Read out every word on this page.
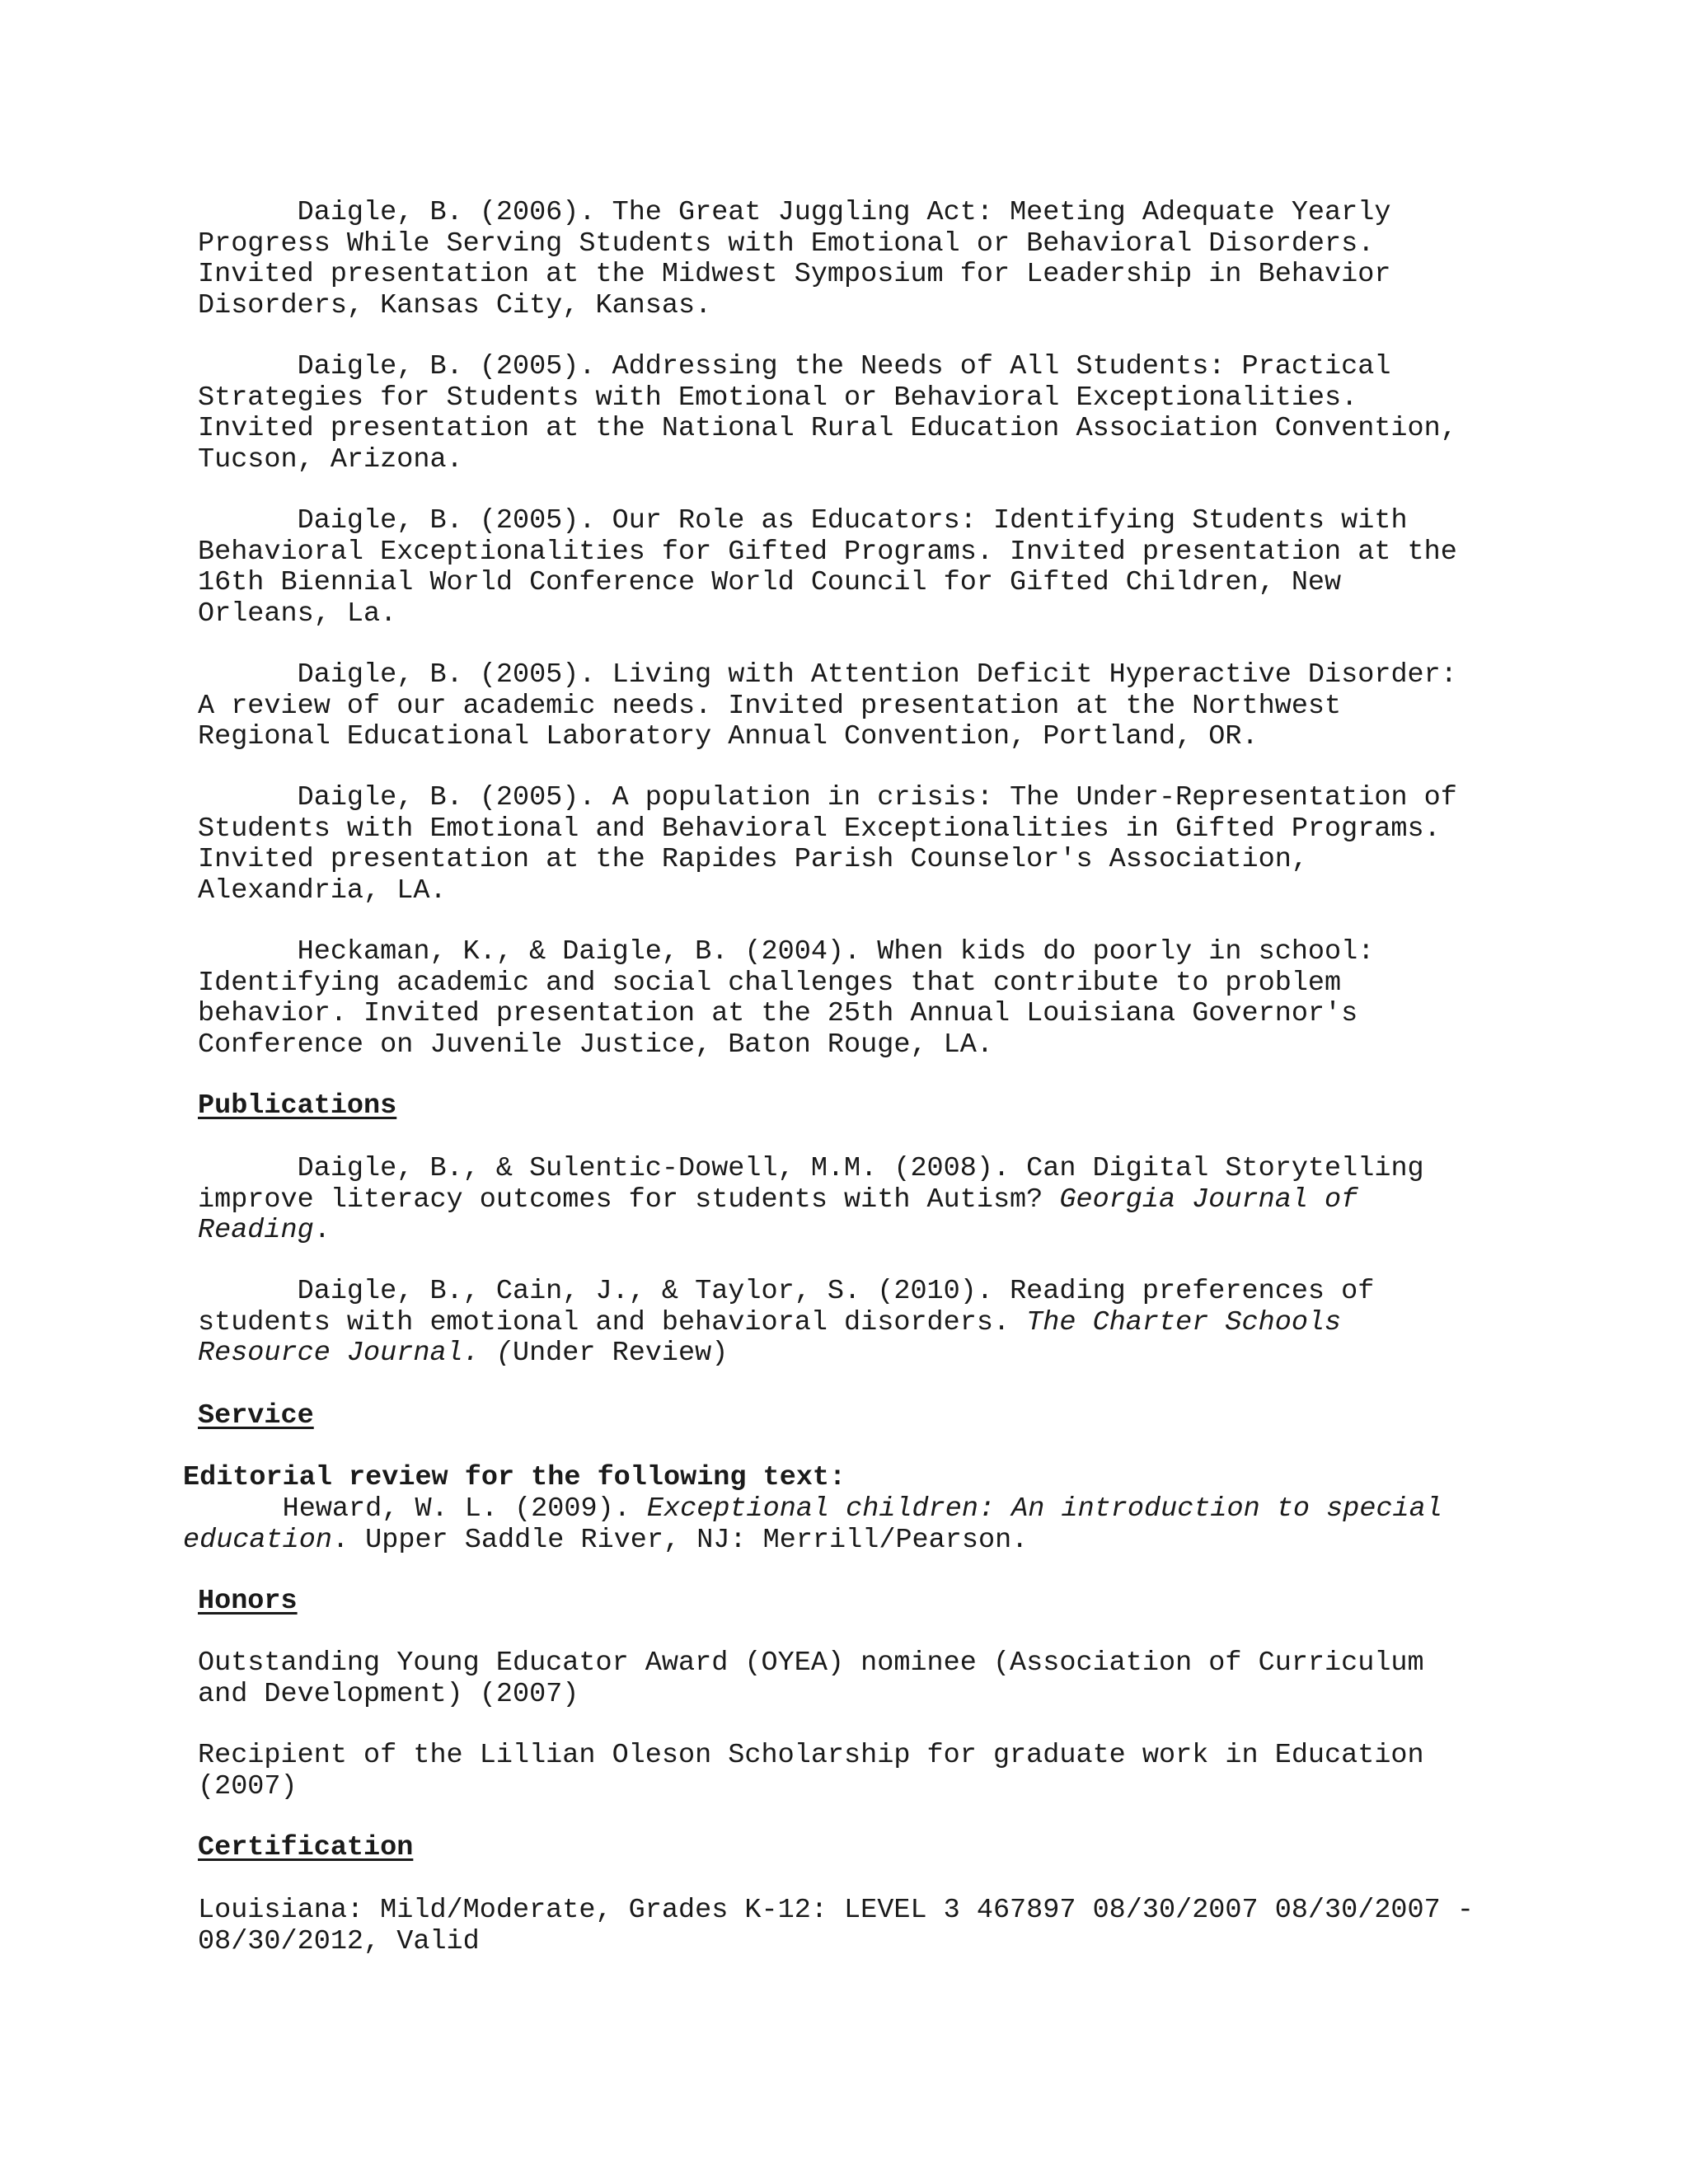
Daigle, B. (2006). The Great Juggling Act: Meeting Adequate Yearly
Progress While Serving Students with Emotional or Behavioral Disorders.
Invited presentation at the Midwest Symposium for Leadership in Behavior
Disorders, Kansas City, Kansas.

Daigle, B. (2005). Addressing the Needs of All Students: Practical
Strategies for Students with Emotional or Behavioral Exceptionalities.
Invited presentation at the National Rural Education Association Convention,
Tucson, Arizona.

Daigle, B. (2005). Our Role as Educators: Identifying Students with
Behavioral Exceptionalities for Gifted Programs. Invited presentation at the
16th Biennial World Conference World Council for Gifted Children, New
Orleans, La.

Daigle, B. (2005). Living with Attention Deficit Hyperactive Disorder:
A review of our academic needs. Invited presentation at the Northwest
Regional Educational Laboratory Annual Convention, Portland, OR.

Daigle, B. (2005). A population in crisis: The Under-Representation of
Students with Emotional and Behavioral Exceptionalities in Gifted Programs.
Invited presentation at the Rapides Parish Counselor's Association,
Alexandria, LA.

Heckaman, K., & Daigle, B. (2004). When kids do poorly in school:
Identifying academic and social challenges that contribute to problem
behavior. Invited presentation at the 25th Annual Louisiana Governor's
Conference on Juvenile Justice, Baton Rouge, LA.

Publications

Daigle, B., & Sulentic-Dowell, M.M. (2008). Can Digital Storytelling
improve literacy outcomes for students with Autism? Georgia Journal of
Reading.

Daigle, B., Cain, J., & Taylor, S. (2010). Reading preferences of
students with emotional and behavioral disorders. The Charter Schools
Resource Journal. (Under Review)

Service

Editorial review for the following text:

Heward, W. L. (2009). Exceptional children: An introduction to special
education. Upper Saddle River, NJ: Merrill/Pearson.

Honors

Outstanding Young Educator Award (OYEA) nominee (Association of Curriculum
and Development) (2007)

Recipient of the Lillian Oleson Scholarship for graduate work in Education
(2007)

Certification

Louisiana: Mild/Moderate, Grades K-12: LEVEL 3 467897 08/30/2007 08/30/2007 -
08/30/2012, Valid
